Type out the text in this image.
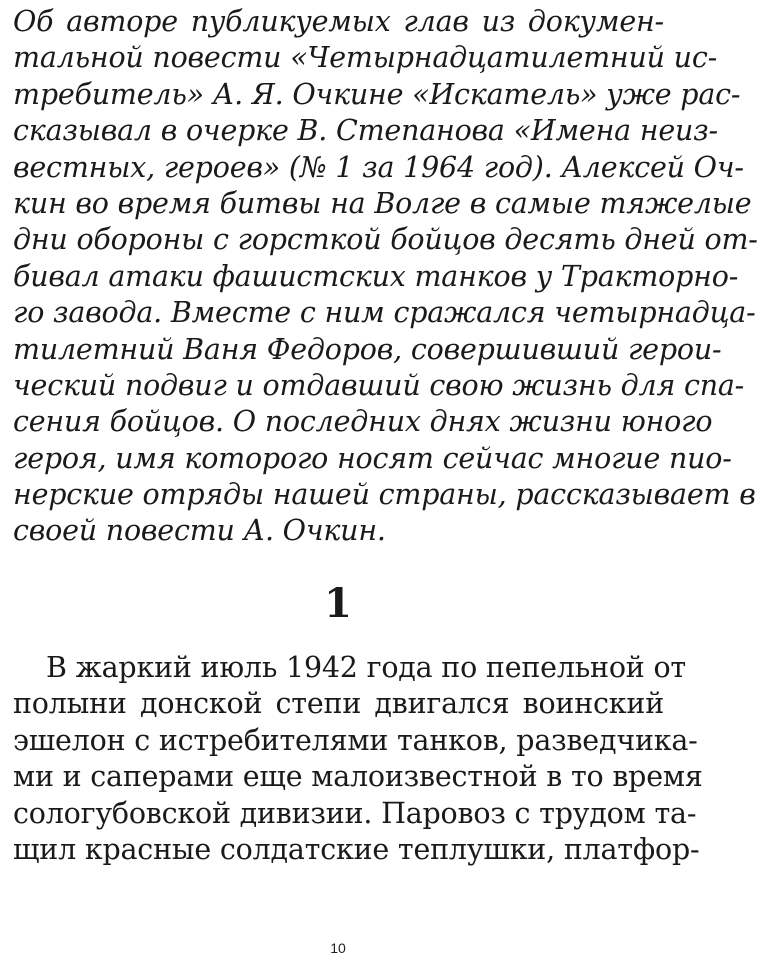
Об авторе публикуемых глав из докумен-
тальной повести «Четырнадцатилетний ис-
требитель» А. Я. Очкине «Искатель» уже рас-
сказывал в очерке В. Степанова «Имена неиз-
вестных, героев» (№ 1 за 1964 год). Алексей Оч-
кин во время битвы на Волге в самые тяжелые
дни обороны с горсткой бойцов десять дней от-
бивал атаки фашистских танков у Тракторно-
го завода. Вместе с ним сражался четырнадца-
тилетний Ваня Федоров, совершивший герои-
ческий подвиг и отдавший свою жизнь для спа-
сения бойцов. О последних днях жизни юного
героя, имя которого носят сейчас многие пио-
нерские отряды нашей страны, рассказывает в
своей повести А. Очкин.
1
В жаркий июль 1942 года по пепельной от
полыни донской степи двигался воинский
эшелон с истребителями танков, разведчика-
ми и саперами еще малоизвестной в то время
сологубовской дивизии. Паровоз с трудом та-
щил красные солдатские теплушки, платфор-
10
